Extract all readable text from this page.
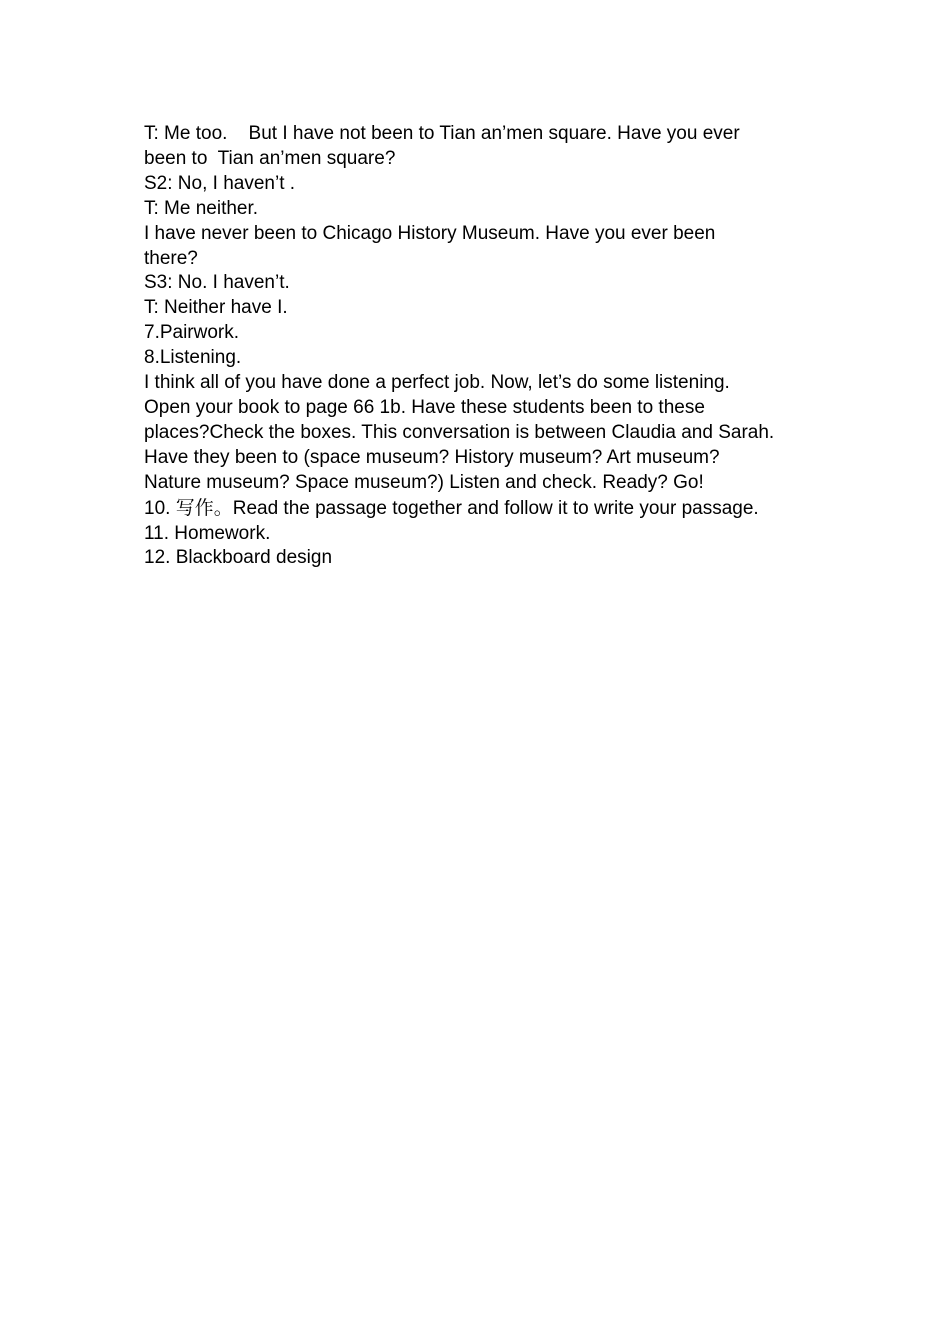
T: Me too.    But I have not been to Tian an’men square. Have you ever
been to  Tian an’men square?
S2: No, I haven’t .
T: Me neither.
I have never been to Chicago History Museum. Have you ever been
there?
S3: No. I haven’t.
T: Neither have I.
7.Pairwork.
8.Listening.
I think all of you have done a perfect job. Now, let’s do some listening.
Open your book to page 66 1b. Have these students been to these
places?Check the boxes. This conversation is between Claudia and Sarah.
Have they been to (space museum? History museum? Art museum?
Nature museum? Space museum?) Listen and check. Ready? Go!
10. 写作。Read the passage together and follow it to write your passage.
11. Homework.
12. Blackboard design
